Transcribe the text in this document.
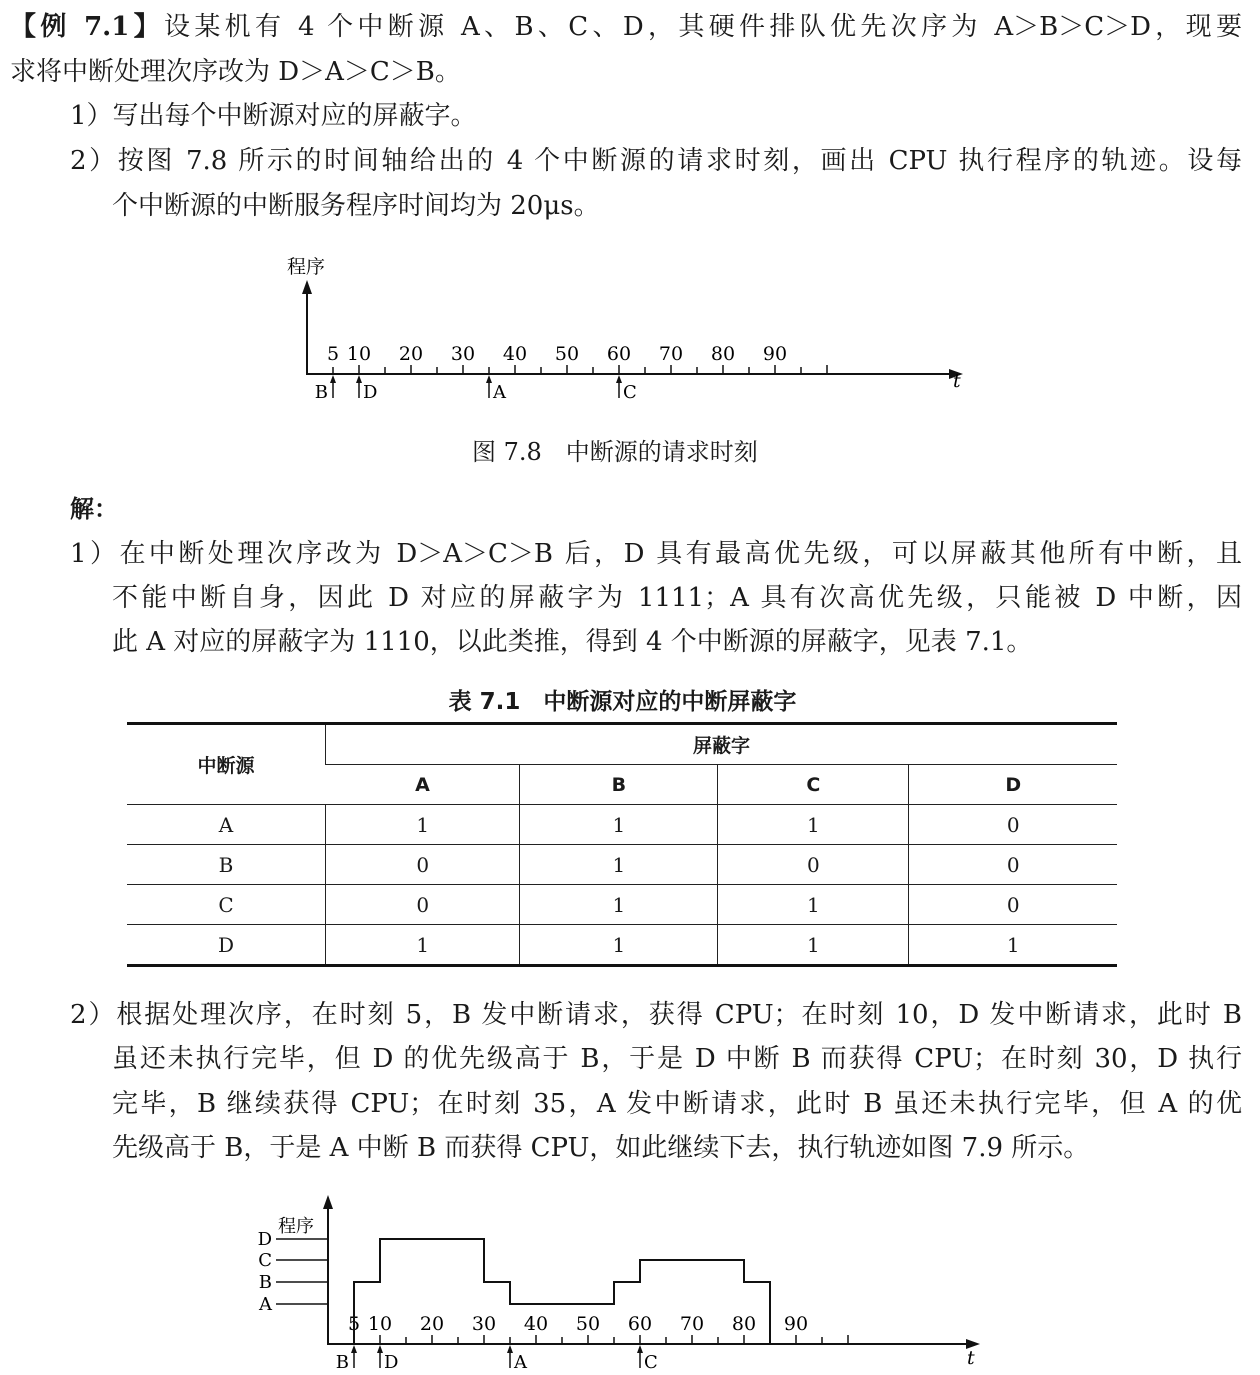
【例 7.1】设某机有 4 个中断源 A、B、C、D，其硬件排队优先次序为 A＞B＞C＞D，现要
求将中断处理次序改为 D＞A＞C＞B。
1）写出每个中断源对应的屏蔽字。
2）按图 7.8 所示的时间轴给出的 4 个中断源的请求时刻，画出 CPU 执行程序的轨迹。设每
个中断源的中断服务程序时间均为 20μs。
程序
t
5 10 20 30 40 50 60 70 80 90
B D	A	C
图 7.8　中断源的请求时刻
解：
1）在中断处理次序改为 D＞A＞C＞B 后，D 具有最高优先级，可以屏蔽其他所有中断，且
不能中断自身，因此 D 对应的屏蔽字为 1111；A 具有次高优先级，只能被 D 中断，因
此 A 对应的屏蔽字为 1110，以此类推，得到 4 个中断源的屏蔽字，见表 7.1。
表 7.1　中断源对应的中断屏蔽字
中断源	屏蔽字			
	A	B	C	D
A	1	1	1	0
B	0	1	0	0
C	0	1	1	0
D	1	1	1	1
2）根据处理次序，在时刻 5，B 发中断请求，获得 CPU；在时刻 10，D 发中断请求，此时 B
虽还未执行完毕，但 D 的优先级高于 B，于是 D 中断 B 而获得 CPU；在时刻 30，D 执行
完毕，B 继续获得 CPU；在时刻 35，A 发中断请求，此时 B 虽还未执行完毕，但 A 的优
先级高于 B，于是 A 中断 B 而获得 CPU，如此继续下去，执行轨迹如图 7.9 所示。
程序
t
D
C
B
A
5 10 20 30 40 50 60 70 80 90
B D	A	C
